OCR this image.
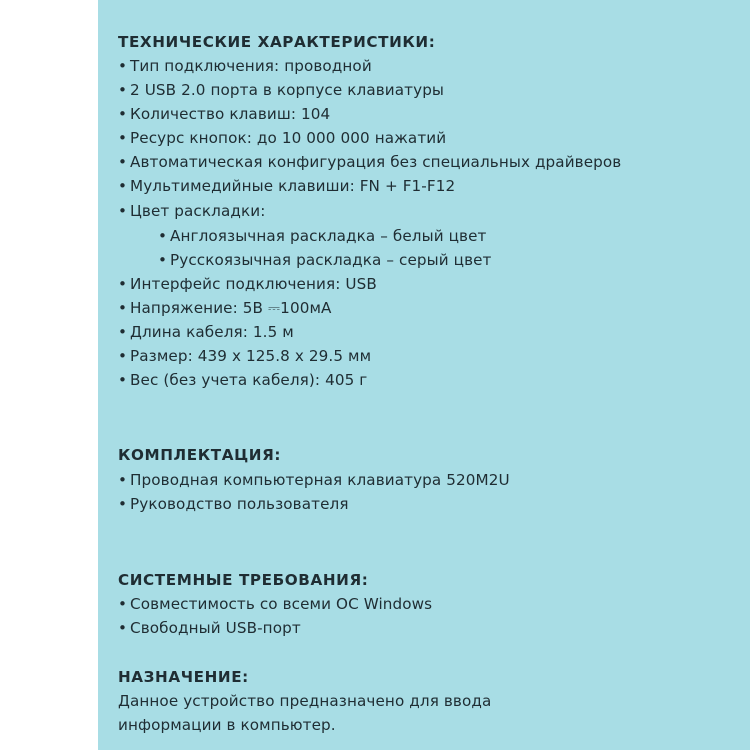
ТЕХНИЧЕСКИЕ ХАРАКТЕРИСТИКИ:
• Тип подключения: проводной
• 2 USB 2.0 порта в корпусе клавиатуры
• Количество клавиш: 104
• Ресурс кнопок: до 10 000 000 нажатий
• Автоматическая конфигурация без специальных драйверов
• Мультимедийные клавиши: FN + F1-F12
• Цвет раскладки:
• Англоязычная раскладка – белый цвет
• Русскоязычная раскладка – серый цвет
• Интерфейс подключения: USB
• Напряжение: 5В ⎓100мА
• Длина кабеля: 1.5 м
• Размер: 439 х 125.8 х 29.5 мм
• Вес (без учета кабеля): 405 г
КОМПЛЕКТАЦИЯ:
• Проводная компьютерная клавиатура 520M2U
• Руководство пользователя
СИСТЕМНЫЕ ТРЕБОВАНИЯ:
• Совместимость со всеми ОС Windows
• Свободный USB-порт
НАЗНАЧЕНИЕ:
Данное устройство предназначено для ввода
информации в компьютер.
